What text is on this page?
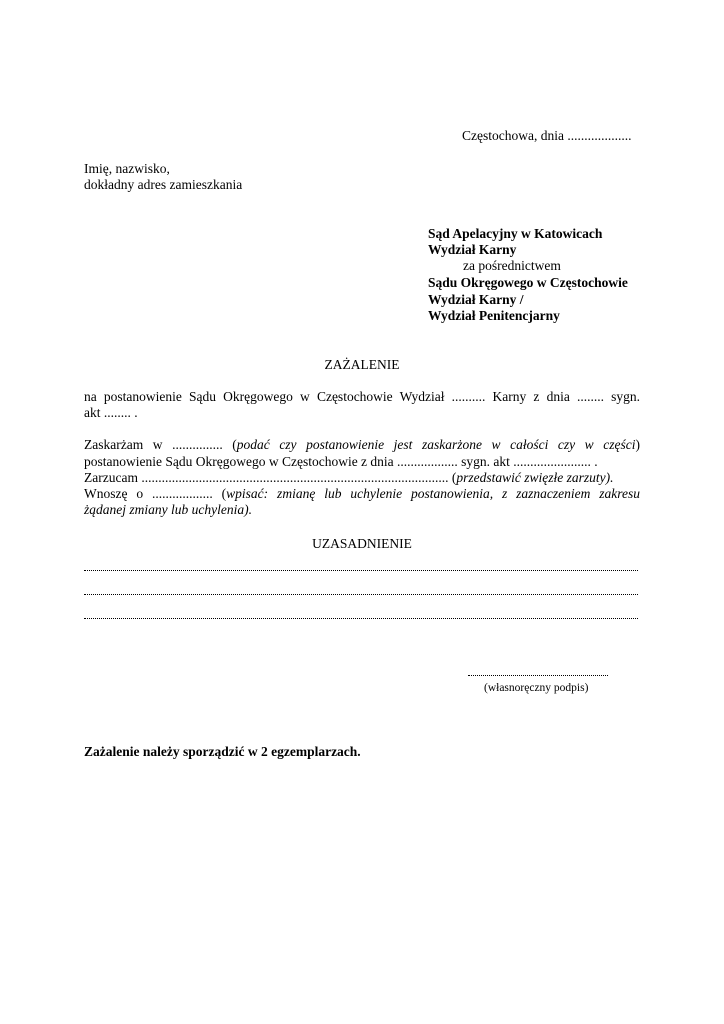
Częstochowa, dnia ...................
Imię, nazwisko,
dokładny adres zamieszkania
Sąd Apelacyjny w Katowicach
Wydział Karny
za pośrednictwem
Sądu Okręgowego w Częstochowie
Wydział Karny /
Wydział Penitencjarny
ZAŻALENIE
na postanowienie Sądu Okręgowego w Częstochowie Wydział .......... Karny z dnia ........ sygn.
akt ........ .
Zaskarżam w ............... (podać czy postanowienie jest zaskarżone w całości czy w części)
postanowienie Sądu Okręgowego w Częstochowie z dnia .................. sygn. akt ....................... .
Zarzucam ........................................................................................... (przedstawić zwięzłe zarzuty).
Wnoszę o .................. (wpisać: zmianę lub uchylenie postanowienia, z zaznaczeniem zakresu
żądanej zmiany lub uchylenia).
UZASADNIENIE
(własnoręczny podpis)
Zażalenie należy sporządzić w 2 egzemplarzach.
